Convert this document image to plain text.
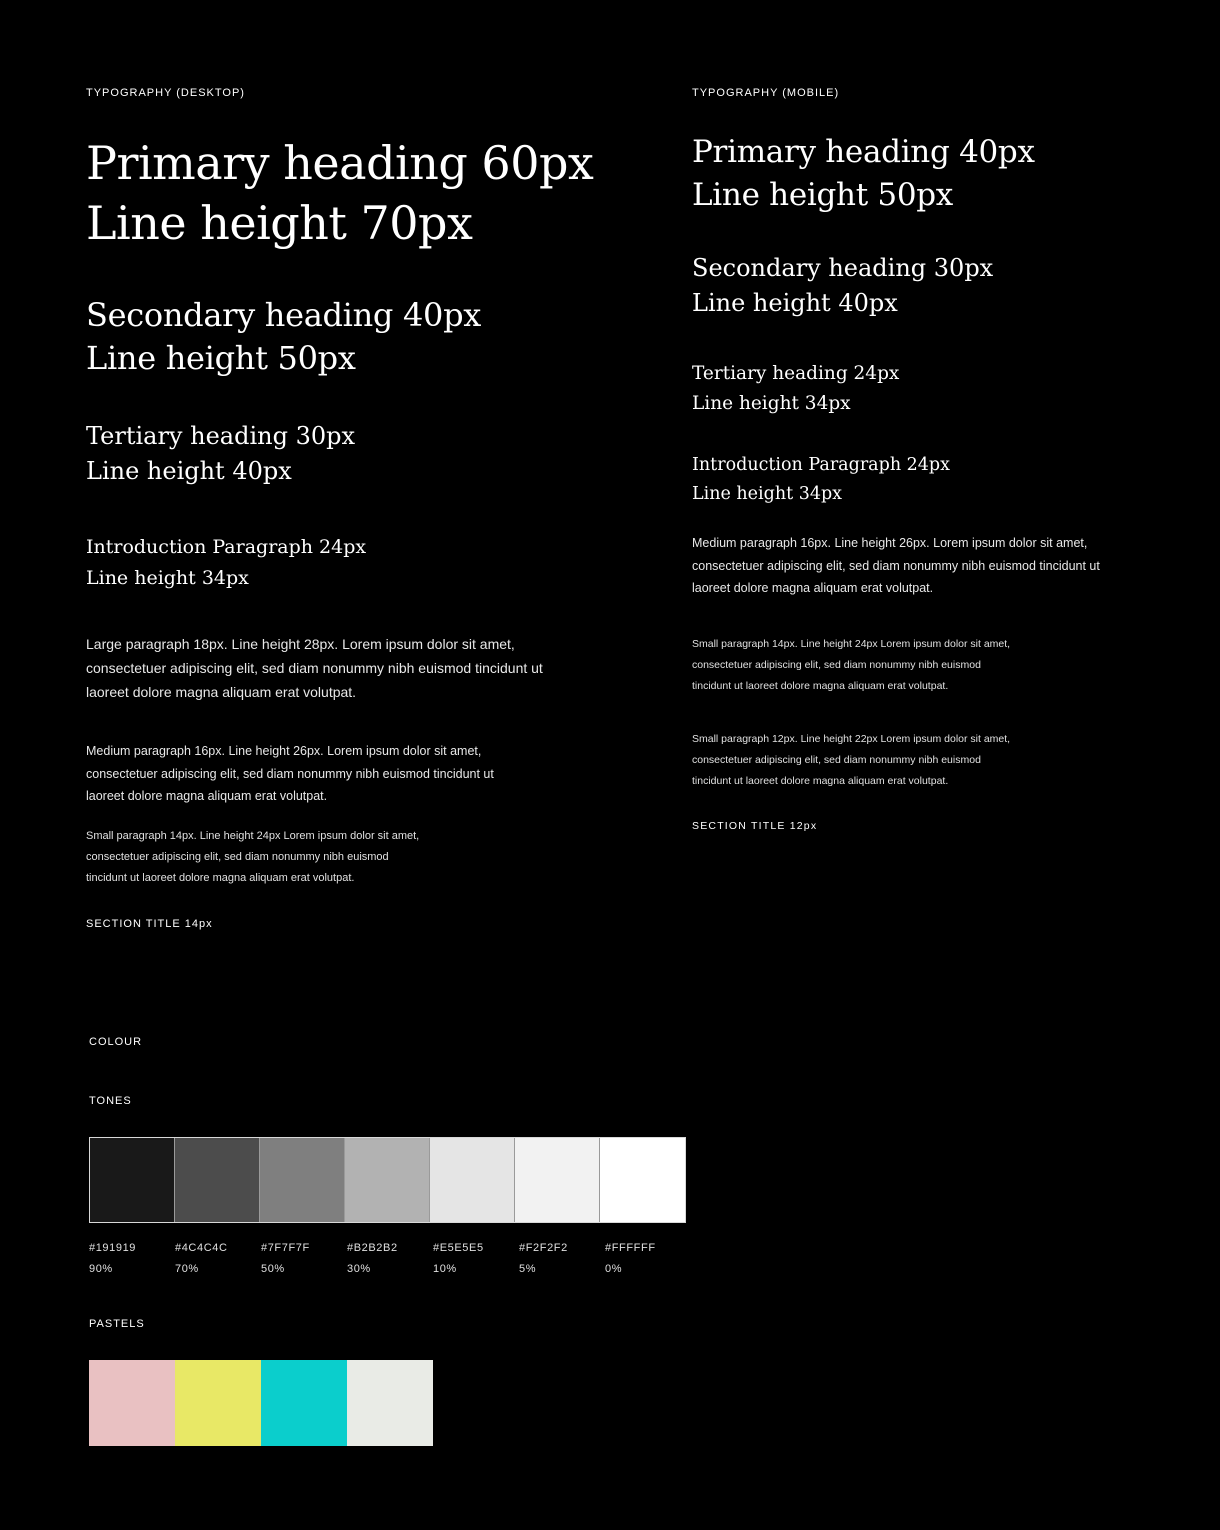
TYPOGRAPHY (DESKTOP)
Primary heading 60px
Line height 70px
Secondary heading 40px
Line height 50px
Tertiary heading 30px
Line height 40px
Introduction Paragraph 24px
Line height 34px
Large paragraph 18px. Line height 28px. Lorem ipsum dolor sit amet,
consectetuer adipiscing elit, sed diam nonummy nibh euismod tincidunt ut
laoreet dolore magna aliquam erat volutpat.
Medium paragraph 16px. Line height 26px. Lorem ipsum dolor sit amet,
consectetuer adipiscing elit, sed diam nonummy nibh euismod tincidunt ut
laoreet dolore magna aliquam erat volutpat.
Small paragraph 14px. Line height 24px Lorem ipsum dolor sit amet,
consectetuer adipiscing elit, sed diam nonummy nibh euismod
tincidunt ut laoreet dolore magna aliquam erat volutpat.
SECTION TITLE 14px
TYPOGRAPHY (MOBILE)
Primary heading 40px
Line height 50px
Secondary heading 30px
Line height 40px
Tertiary heading 24px
Line height 34px
Introduction Paragraph 24px
Line height 34px
Medium paragraph 16px. Line height 26px. Lorem ipsum dolor sit amet,
consectetuer adipiscing elit, sed diam nonummy nibh euismod tincidunt ut
laoreet dolore magna aliquam erat volutpat.
Small paragraph 14px. Line height 24px Lorem ipsum dolor sit amet,
consectetuer adipiscing elit, sed diam nonummy nibh euismod
tincidunt ut laoreet dolore magna aliquam erat volutpat.
Small paragraph 12px. Line height 22px Lorem ipsum dolor sit amet,
consectetuer adipiscing elit, sed diam nonummy nibh euismod
tincidunt ut laoreet dolore magna aliquam erat volutpat.
SECTION TITLE 12px
COLOUR
TONES
#191919
90%
#4C4C4C
70%
#7F7F7F
50%
#B2B2B2
30%
#E5E5E5
10%
#F2F2F2
5%
#FFFFFF
0%
PASTELS
